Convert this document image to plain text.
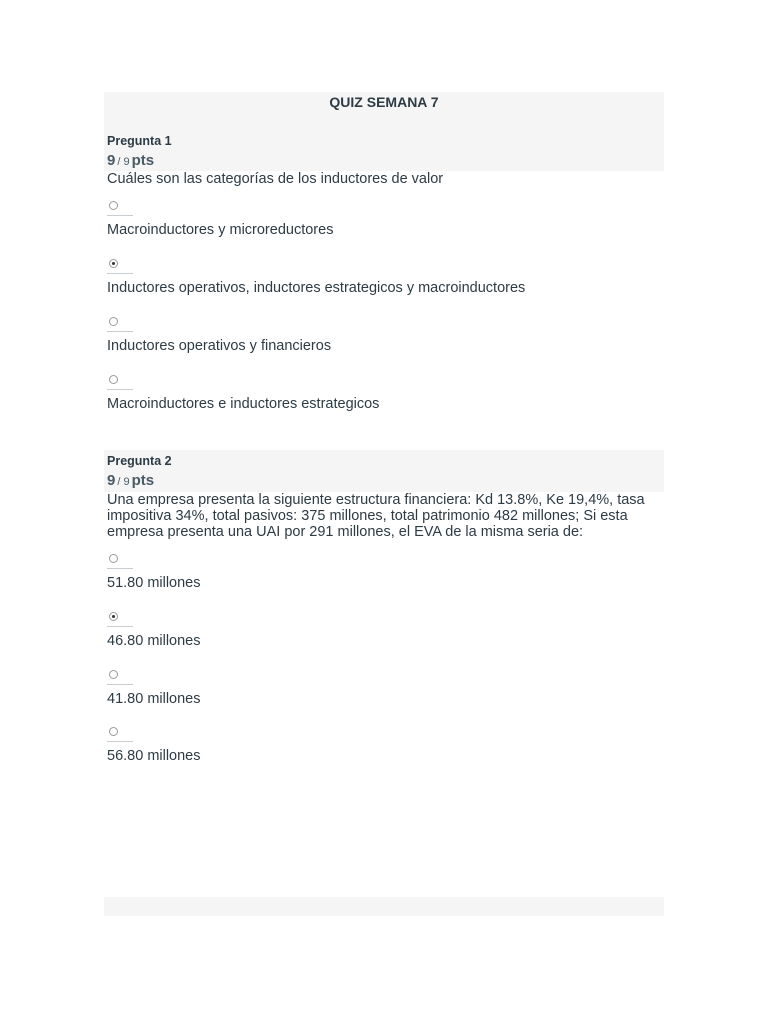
QUIZ SEMANA 7
Pregunta 1
9 / 9 pts
Cuáles son las categorías de los inductores de valor
Macroinductores y microreductores
Inductores operativos, inductores estrategicos y macroinductores
Inductores operativos y financieros
Macroinductores e inductores estrategicos
Pregunta 2
9 / 9 pts
Una empresa presenta la siguiente estructura financiera: Kd 13.8%, Ke 19,4%, tasa impositiva 34%, total pasivos: 375 millones, total patrimonio 482 millones; Si esta empresa presenta una UAI por 291 millones, el EVA de la misma seria de:
51.80 millones
46.80 millones
41.80 millones
56.80 millones
